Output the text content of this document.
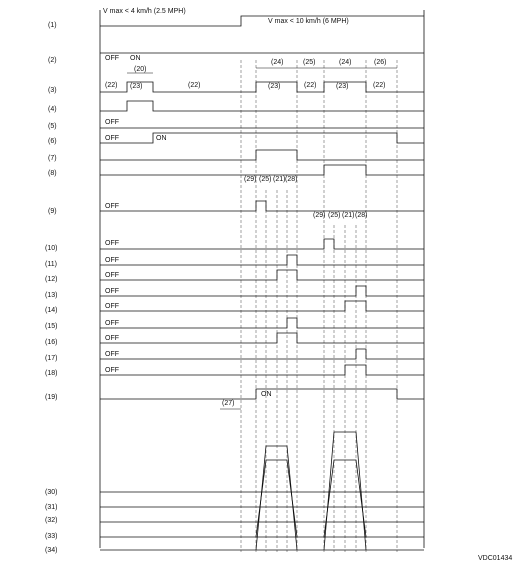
(1)
(2)
(3)
(4)
(5)
(6)
(7)
(8)
(9)
(10)
(11)
(12)
(13)
(14)
(15)
(16)
(17)
(18)
(19)
(30)
(31)
(32)
(33)
(34)
V max < 4 km/h (2.5 MPH)
V max < 10 km/h (6 MPH)
OFF ON
(20)
(22) (23)	(22)
(24)	(25)	(24)	(26)
(23)	(22)	(23)	(22)
OFF
OFF	ON
OFF
(29) (25) (21) (28)
OFF
(29) (25) (21) (28)
OFF
OFF
OFF
OFF
OFF
OFF
OFF
OFF
ON
(27)
VDC01434
